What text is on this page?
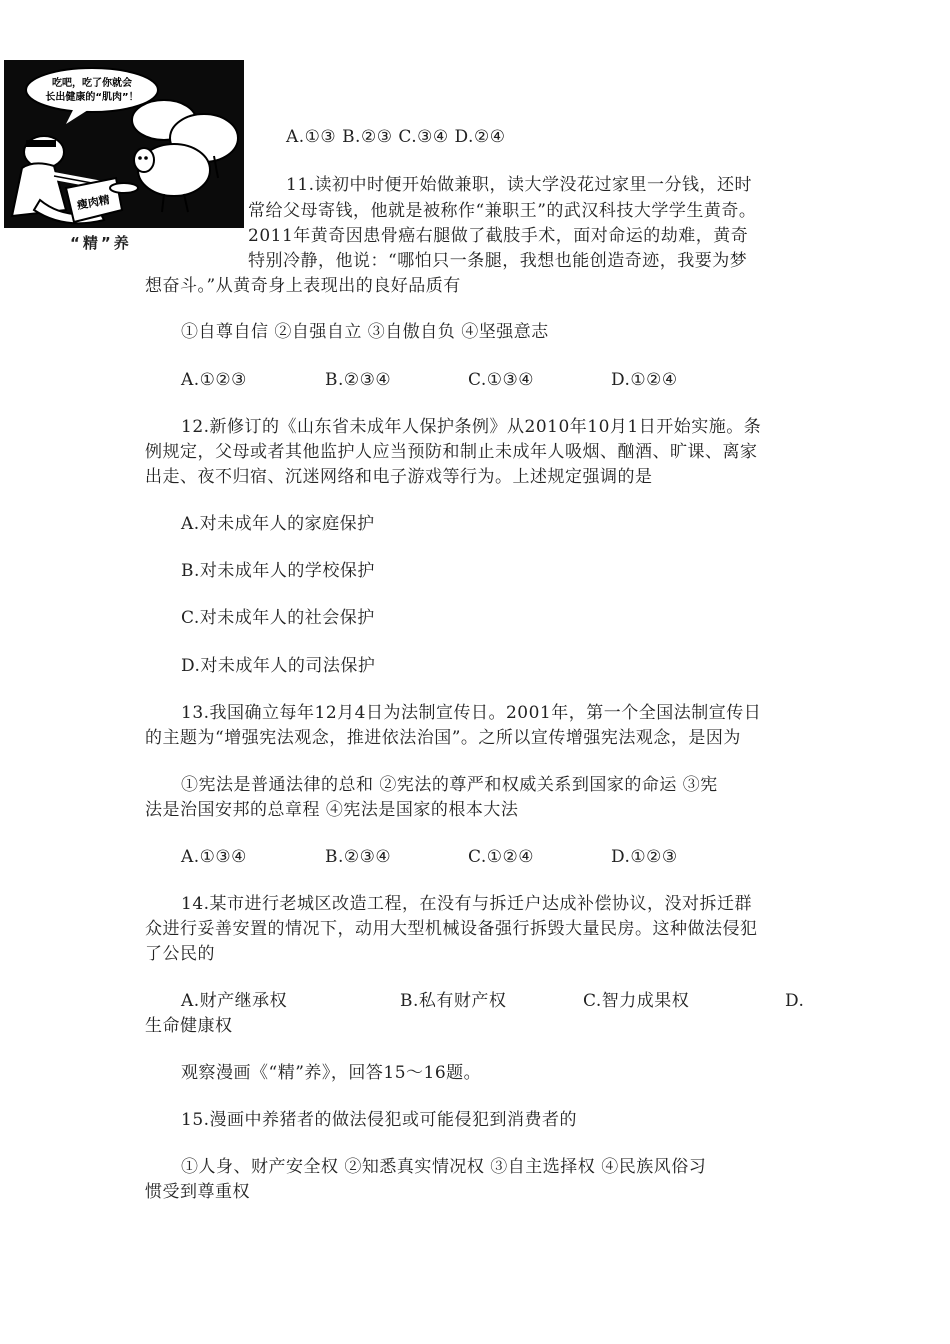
吃吧，吃了你就会
长出健康的“肌肉”！
瘦肉精
“精”养
A.①③ B.②③ C.③④ D.②④
11.读初中时便开始做兼职，读大学没花过家里一分钱，还时
常给父母寄钱，他就是被称作“兼职王”的武汉科技大学学生黄奇。
2011年黄奇因患骨癌右腿做了截肢手术，面对命运的劫难，黄奇
特别冷静，他说：“哪怕只一条腿，我想也能创造奇迹，我要为梦
想奋斗。”从黄奇身上表现出的良好品质有
①自尊自信 ②自强自立 ③自傲自负 ④坚强意志
A.①②③	B.②③④	C.①③④	D.①②④
12.新修订的《山东省未成年人保护条例》从2010年10月1日开始实施。条
例规定，父母或者其他监护人应当预防和制止未成年人吸烟、酗酒、旷课、离家
出走、夜不归宿、沉迷网络和电子游戏等行为。上述规定强调的是
A.对未成年人的家庭保护
B.对未成年人的学校保护
C.对未成年人的社会保护
D.对未成年人的司法保护
13.我国确立每年12月4日为法制宣传日。2001年，第一个全国法制宣传日
的主题为“增强宪法观念，推进依法治国”。之所以宣传增强宪法观念，是因为
①宪法是普通法律的总和 ②宪法的尊严和权威关系到国家的命运 ③宪
法是治国安邦的总章程 ④宪法是国家的根本大法
A.①③④	B.②③④	C.①②④	D.①②③
14.某市进行老城区改造工程，在没有与拆迁户达成补偿协议，没对拆迁群
众进行妥善安置的情况下，动用大型机械设备强行拆毁大量民房。这种做法侵犯
了公民的
A.财产继承权	B.私有财产权	C.智力成果权	D.
生命健康权
观察漫画《“精”养》，回答15～16题。
15.漫画中养猪者的做法侵犯或可能侵犯到消费者的
①人身、财产安全权 ②知悉真实情况权 ③自主选择权 ④民族风俗习
惯受到尊重权
